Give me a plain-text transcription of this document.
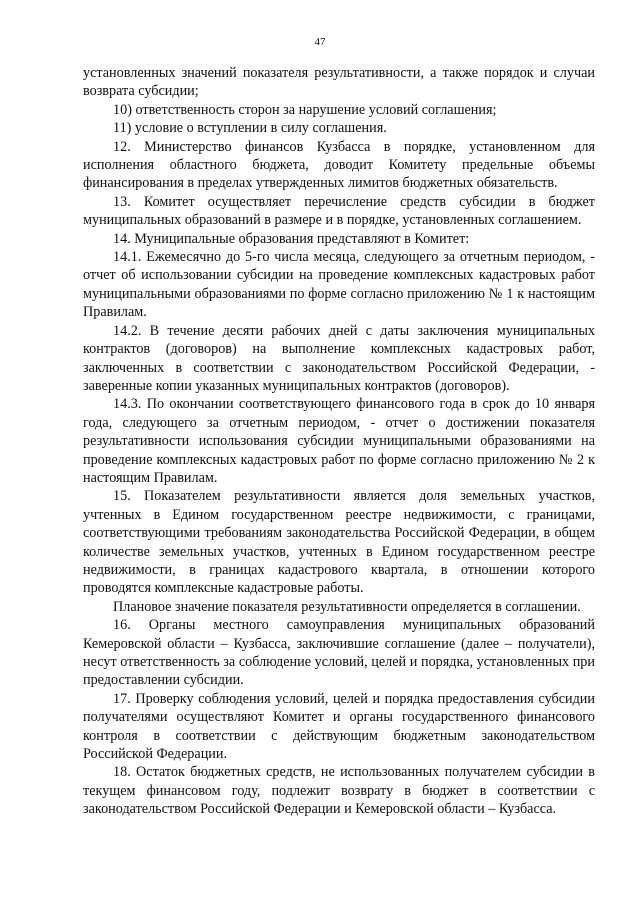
47

установленных значений показателя результативности, а также порядок и случаи возврата субсидии;

10) ответственность сторон за нарушение условий соглашения;

11) условие о вступлении в силу соглашения.

12. Министерство финансов Кузбасса в порядке, установленном для исполнения областного бюджета, доводит Комитету предельные объемы финансирования в пределах утвержденных лимитов бюджетных обязательств.

13. Комитет осуществляет перечисление средств субсидии в бюджет муниципальных образований в размере и в порядке, установленных соглашением.

14. Муниципальные образования представляют в Комитет:

14.1. Ежемесячно до 5-го числа месяца, следующего за отчетным периодом, - отчет об использовании субсидии на проведение комплексных кадастровых работ муниципальными образованиями по форме согласно приложению № 1 к настоящим Правилам.

14.2. В течение десяти рабочих дней с даты заключения муниципальных контрактов (договоров) на выполнение комплексных кадастровых работ, заключенных в соответствии с законодательством Российской Федерации, - заверенные копии указанных муниципальных контрактов (договоров).

14.3. По окончании соответствующего финансового года в срок до 10 января года, следующего за отчетным периодом, - отчет о достижении показателя результативности использования субсидии муниципальными образованиями на проведение комплексных кадастровых работ по форме согласно приложению № 2 к настоящим Правилам.

15. Показателем результативности является доля земельных участков, учтенных в Едином государственном реестре недвижимости, с границами, соответствующими требованиям законодательства Российской Федерации, в общем количестве земельных участков, учтенных в Едином государственном реестре недвижимости, в границах кадастрового квартала, в отношении которого проводятся комплексные кадастровые работы.

Плановое значение показателя результативности определяется в соглашении.

16. Органы местного самоуправления муниципальных образований Кемеровской области – Кузбасса, заключившие соглашение (далее – получатели), несут ответственность за соблюдение условий, целей и порядка, установленных при предоставлении субсидии.

17. Проверку соблюдения условий, целей и порядка предоставления субсидии получателями осуществляют Комитет и органы государственного финансового контроля в соответствии с действующим бюджетным законодательством Российской Федерации.

18. Остаток бюджетных средств, не использованных получателем субсидии в текущем финансовом году, подлежит возврату в бюджет в соответствии с законодательством Российской Федерации и Кемеровской области – Кузбасса.
